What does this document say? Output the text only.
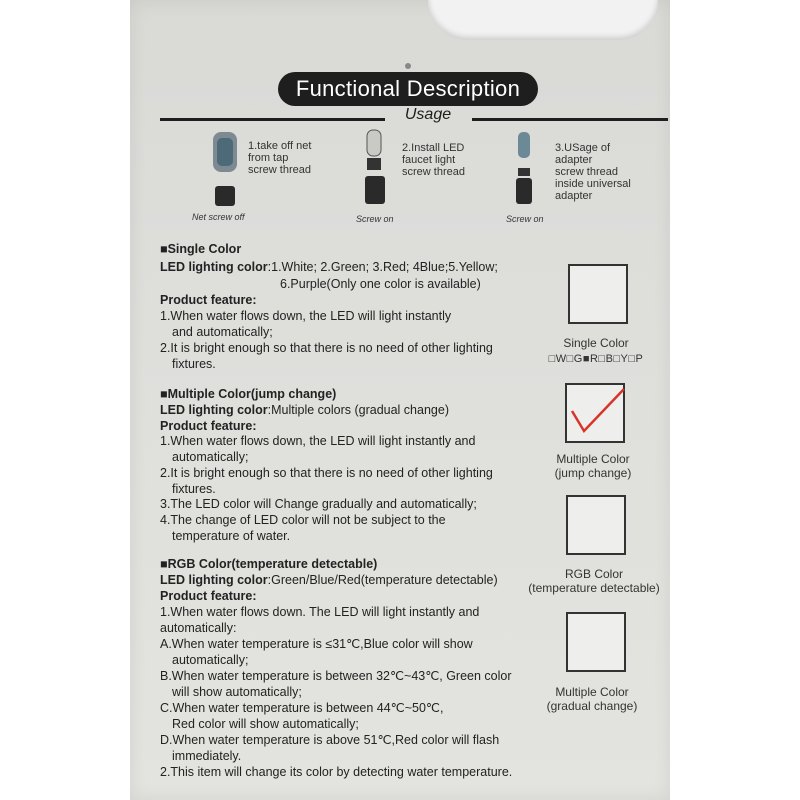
Functional Description
Usage
1.take off net
from tap
screw thread
Net screw off
2.Install LED
faucet light
screw thread
Screw on
3.USage of
adapter
screw thread
inside universal
adapter
Screw on
■Single Color
LED lighting color:1.White; 2.Green; 3.Red; 4Blue;5.Yellow;
6.Purple(Only one color is available)
Product feature:
1.When water flows down, the LED will light instantly
and automatically;
2.It is bright enough so that there is no need of other lighting
fixtures.
Single Color
□W□G■R□B□Y□P
■Multiple Color(jump change)
LED lighting color:Multiple colors (gradual change)
Product feature:
1.When water flows down, the LED will light instantly and
automatically;
2.It is bright enough so that there is no need of other lighting
fixtures.
3.The LED color will Change gradually and automatically;
4.The change of LED color will not be subject to the
temperature of water.
Multiple Color
(jump change)
■RGB Color(temperature detectable)
LED lighting color:Green/Blue/Red(temperature detectable)
Product feature:
1.When water flows down. The LED will light instantly and
automatically:
A.When water temperature is ≤31℃,Blue color will show
automatically;
B.When water temperature is between 32℃~43℃, Green color
will show automatically;
C.When water temperature is between 44℃~50℃,
Red color will show automatically;
D.When water temperature is above 51℃,Red color will flash
immediately.
2.This item will change its color by detecting water temperature.
RGB Color
(temperature detectable)
Multiple Color
(gradual change)
